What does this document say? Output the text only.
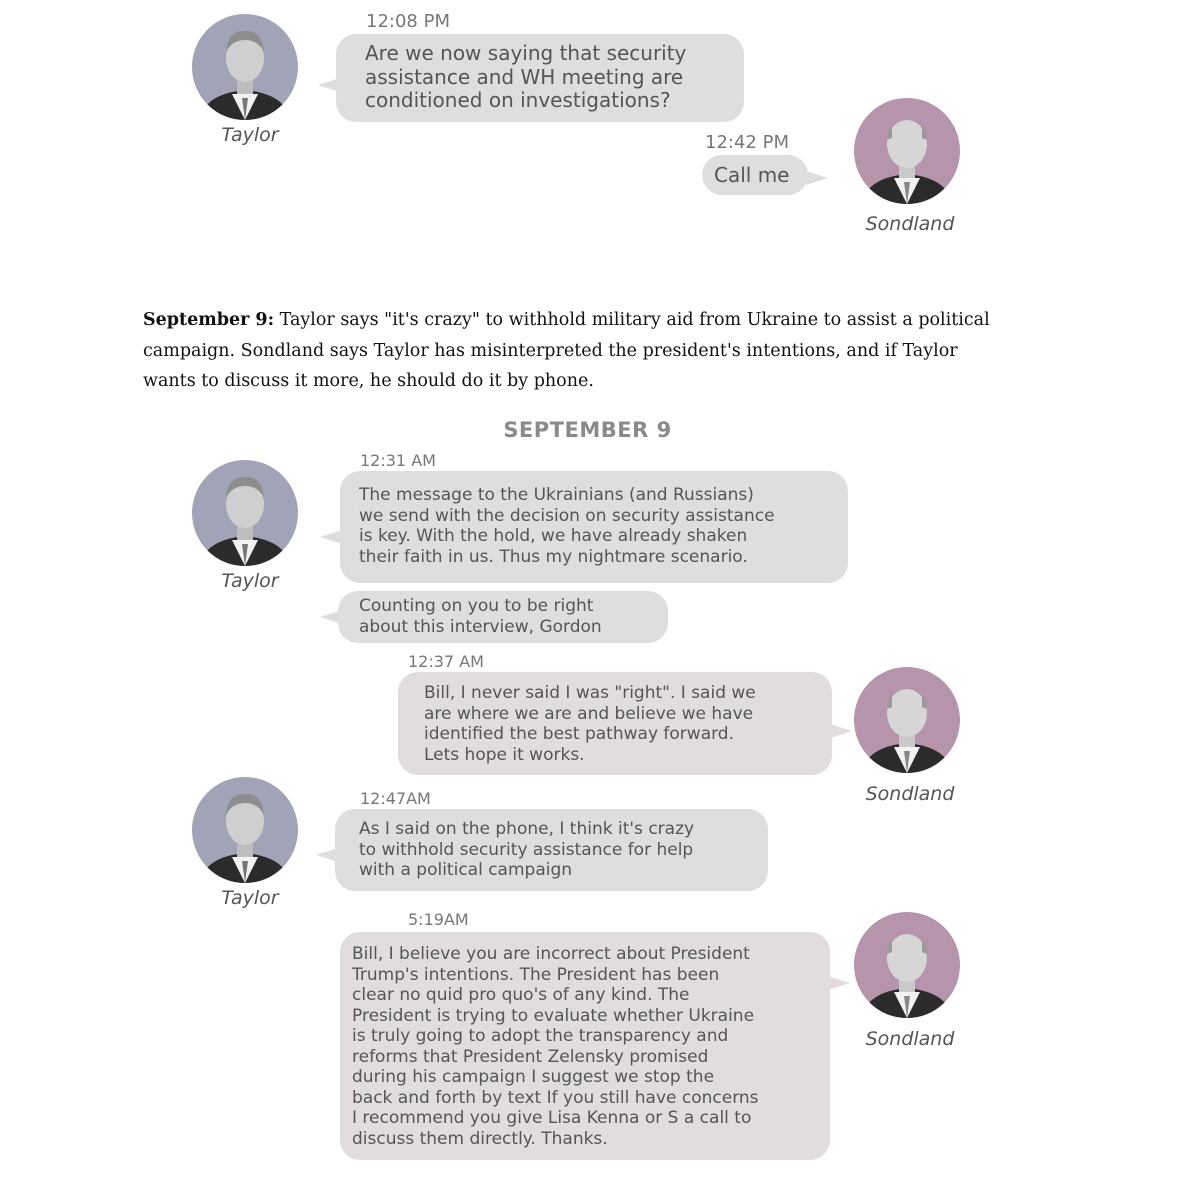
Taylor
12:08 PM
Are we now saying that security
assistance and WH meeting are
conditioned on investigations?
12:42 PM
Call me
Sondland
September 9: Taylor says "it's crazy" to withhold military aid from Ukraine to assist a political campaign. Sondland says Taylor has misinterpreted the president's intentions, and if Taylor wants to discuss it more, he should do it by phone.
SEPTEMBER 9
Taylor
12:31 AM
The message to the Ukrainians (and Russians)
we send with the decision on security assistance
is key. With the hold, we have already shaken
their faith in us. Thus my nightmare scenario.
Counting on you to be right
about this interview, Gordon
12:37 AM
Bill, I never said I was "right". I said we
are where we are and believe we have
identified the best pathway forward.
Lets hope it works.
Sondland
Taylor
12:47AM
As I said on the phone, I think it's crazy
to withhold security assistance for help
with a political campaign
5:19AM
Bill, I believe you are incorrect about President
Trump's intentions. The President has been
clear no quid pro quo's of any kind. The
President is trying to evaluate whether Ukraine
is truly going to adopt the transparency and
reforms that President Zelensky promised
during his campaign I suggest we stop the
back and forth by text If you still have concerns
I recommend you give Lisa Kenna or S a call to
discuss them directly. Thanks.
Sondland
